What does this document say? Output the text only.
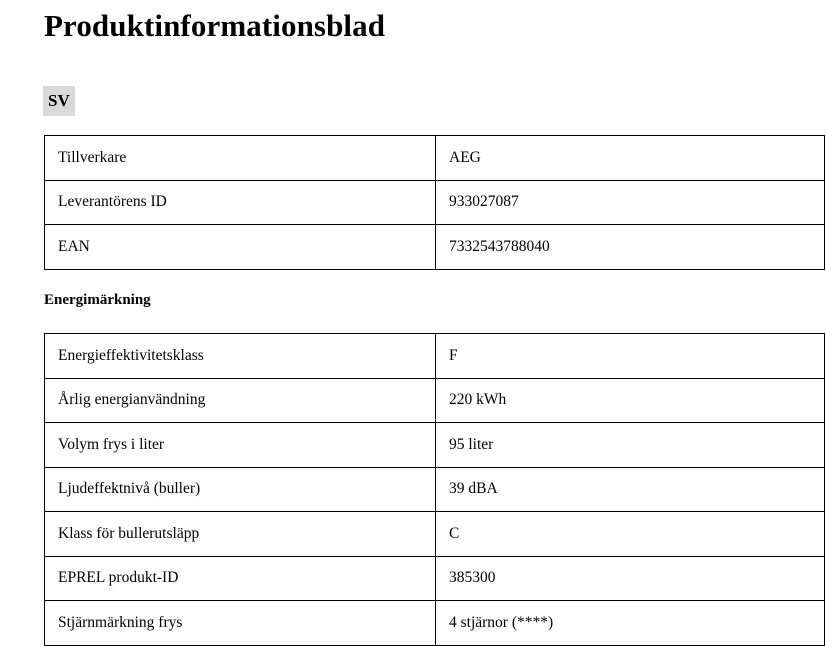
Produktinformationsblad
SV
Tillverkare	AEG
Leverantörens ID	933027087
EAN	7332543788040
Energimärkning
Energieffektivitetsklass	F
Årlig energianvändning	220 kWh
Volym frys i liter	95 liter
Ljudeffektnivå (buller)	39 dBA
Klass för bullerutsläpp	C
EPREL produkt-ID	385300
Stjärnmärkning frys	4 stjärnor (****)
